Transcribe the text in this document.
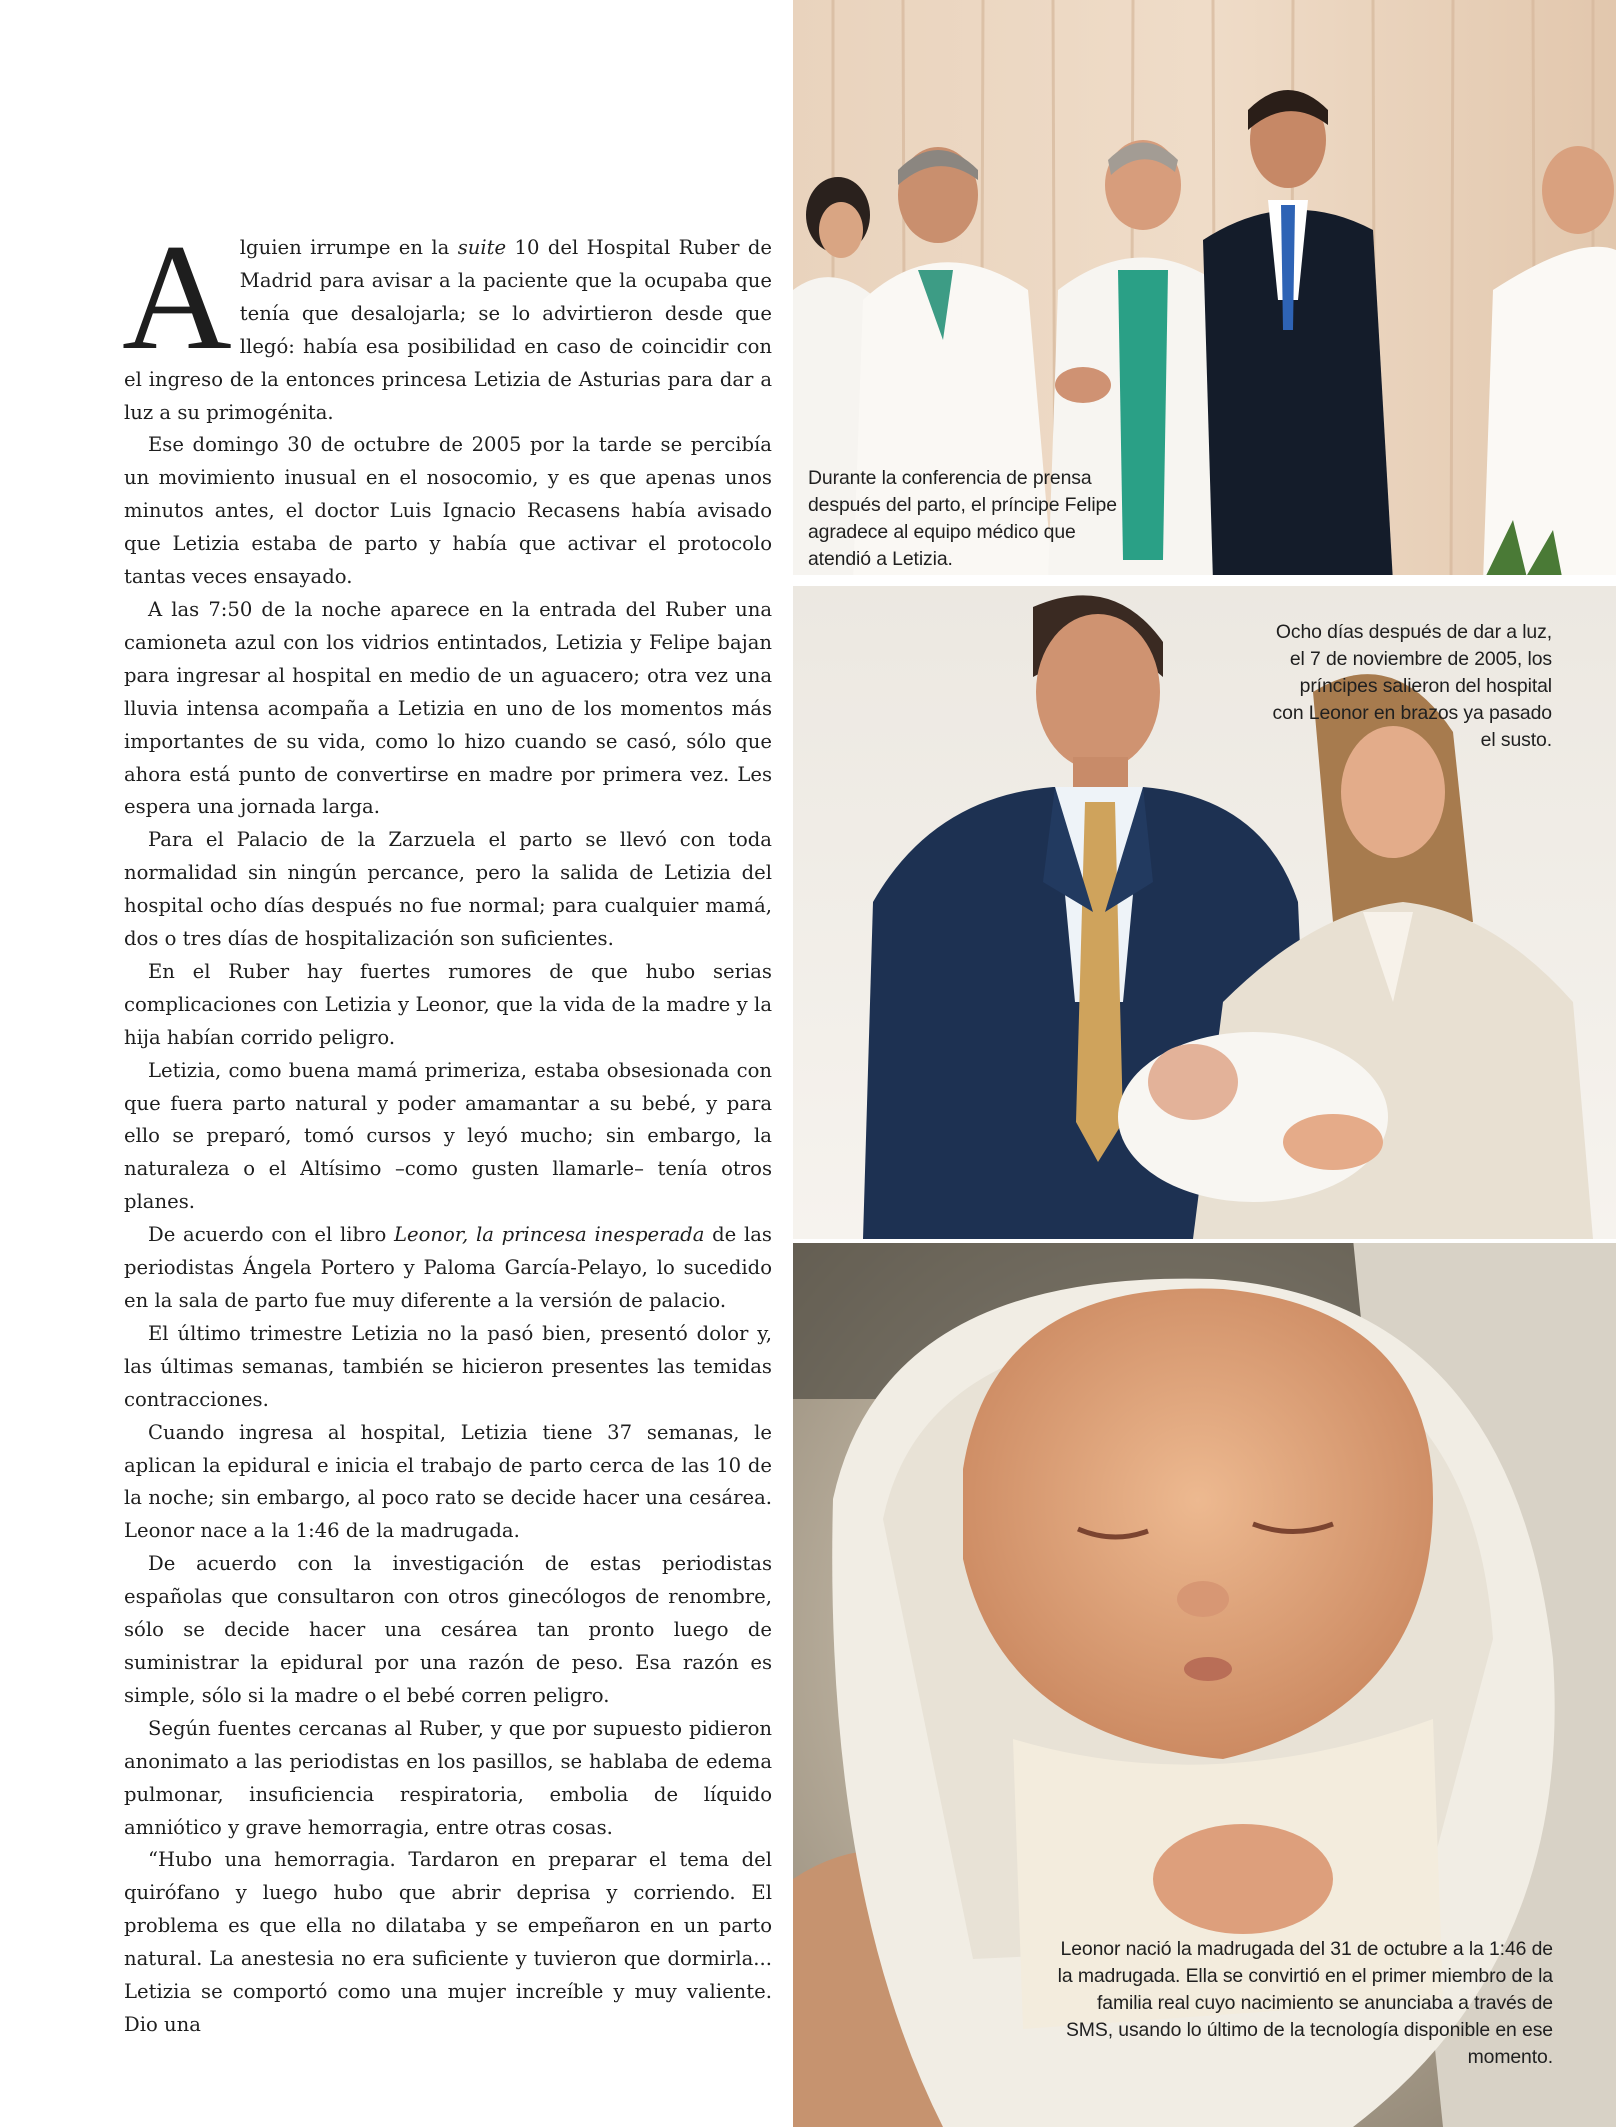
Alguien irrumpe en la suite 10 del Hospital Ruber de Madrid para avisar a la paciente que la ocupaba que tenía que desalojarla; se lo advirtieron desde que llegó: había esa posibilidad en caso de coincidir con el ingreso de la entonces princesa Letizia de Asturias para dar a luz a su primogénita.

Ese domingo 30 de octubre de 2005 por la tarde se percibía un movimiento inusual en el nosocomio, y es que apenas unos minutos antes, el doctor Luis Ignacio Recasens había avisado que Letizia estaba de parto y había que activar el protocolo tantas veces ensayado.

A las 7:50 de la noche aparece en la entrada del Ruber una camioneta azul con los vidrios entintados, Letizia y Felipe bajan para ingresar al hospital en medio de un aguacero; otra vez una lluvia intensa acompaña a Letizia en uno de los momentos más importantes de su vida, como lo hizo cuando se casó, sólo que ahora está punto de convertirse en madre por primera vez. Les espera una jornada larga.

Para el Palacio de la Zarzuela el parto se llevó con toda normalidad sin ningún percance, pero la salida de Letizia del hospital ocho días después no fue normal; para cualquier mamá, dos o tres días de hospitalización son suficientes.

En el Ruber hay fuertes rumores de que hubo serias complicaciones con Letizia y Leonor, que la vida de la madre y la hija habían corrido peligro.

Letizia, como buena mamá primeriza, estaba obsesionada con que fuera parto natural y poder amamantar a su bebé, y para ello se preparó, tomó cursos y leyó mucho; sin embargo, la naturaleza o el Altísimo –como gusten llamarle– tenía otros planes.

De acuerdo con el libro Leonor, la princesa inesperada de las periodistas Ángela Portero y Paloma García-Pelayo, lo sucedido en la sala de parto fue muy diferente a la versión de palacio.

El último trimestre Letizia no la pasó bien, presentó dolor y, las últimas semanas, también se hicieron presentes las temidas contracciones.

Cuando ingresa al hospital, Letizia tiene 37 semanas, le aplican la epidural e inicia el trabajo de parto cerca de las 10 de la noche; sin embargo, al poco rato se decide hacer una cesárea. Leonor nace a la 1:46 de la madrugada.

De acuerdo con la investigación de estas periodistas españolas que consultaron con otros ginecólogos de renombre, sólo se decide hacer una cesárea tan pronto luego de suministrar la epidural por una razón de peso. Esa razón es simple, sólo si la madre o el bebé corren peligro.

Según fuentes cercanas al Ruber, y que por supuesto pidieron anonimato a las periodistas en los pasillos, se hablaba de edema pulmonar, insuficiencia respiratoria, embolia de líquido amniótico y grave hemorragia, entre otras cosas.

“Hubo una hemorragia. Tardaron en preparar el tema del quirófano y luego hubo que abrir deprisa y corriendo. El problema es que ella no dilataba y se empeñaron en un parto natural. La anestesia no era suficiente y tuvieron que dormirla... Letizia se comportó como una mujer increíble y muy valiente. Dio una

Durante la conferencia de prensa después del parto, el príncipe Felipe agradece al equipo médico que atendió a Letizia.
Ocho días después de dar a luz, el 7 de noviembre de 2005, los príncipes salieron del hospital con Leonor en brazos ya pasado el susto.
Leonor nació la madrugada del 31 de octubre a la 1:46 de la madrugada. Ella se convirtió en el primer miembro de la familia real cuyo nacimiento se anunciaba a través de SMS, usando lo último de la tecnología disponible en ese momento.
